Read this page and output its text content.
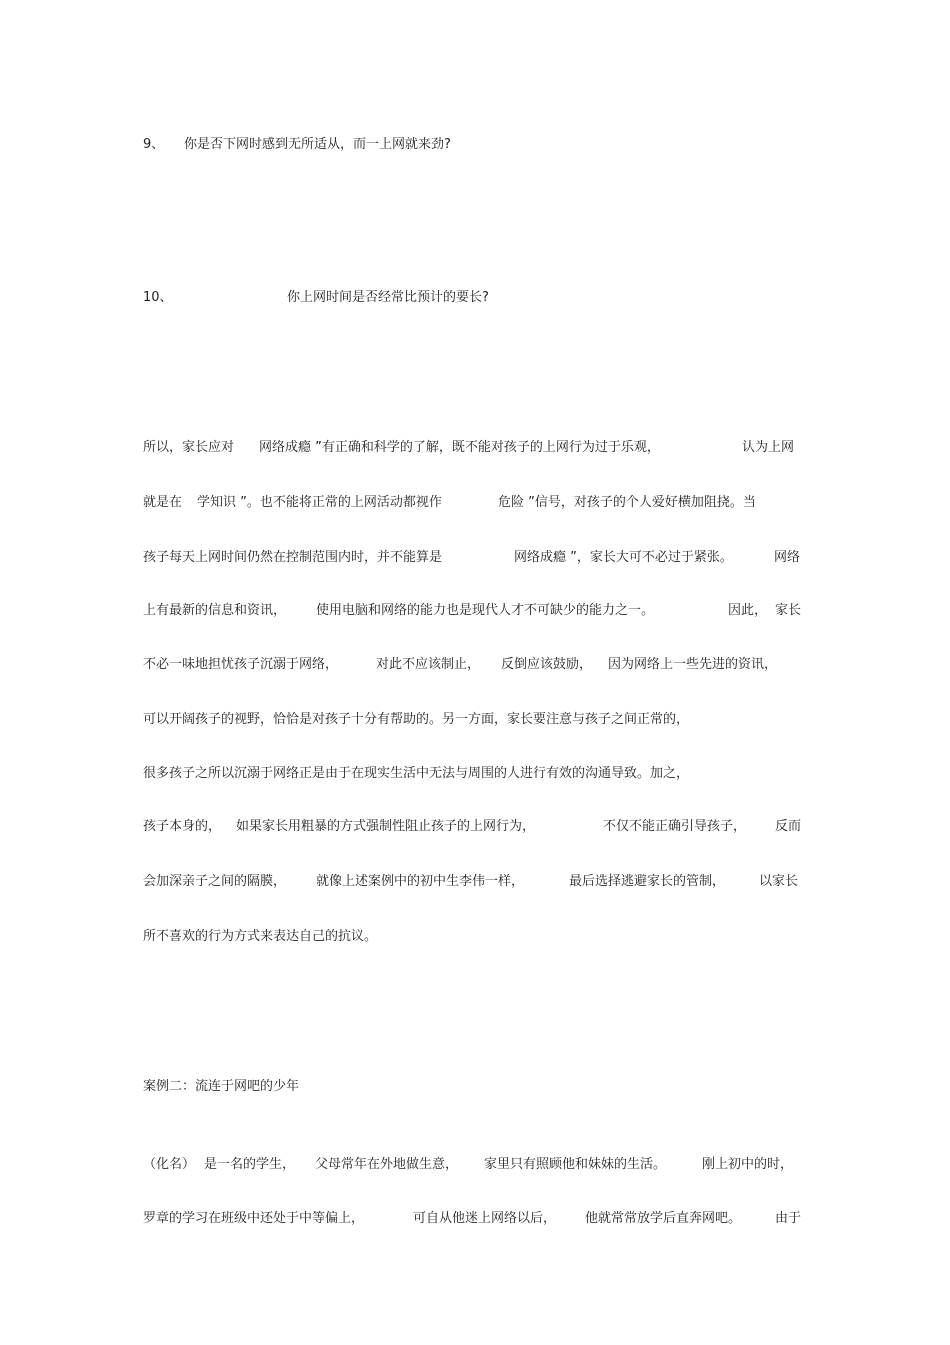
9、 你是否下网时感到无所适从，而一上网就来劲?
10、	你上网时间是否经常比预计的要长?
所以，家长应对 网络成瘾 ”有正确和科学的了解，既不能对孩子的上网行为过于乐观，	认为上网
就是在 学知识 ”。也不能将正常的上网活动都视作	危险 ”信号，对孩子的个人爱好横加阻挠。当
孩子每天上网时间仍然在控制范围内时，并不能算是	网络成瘾 ”，家长大可不必过于紧张。	网络
上有最新的信息和资讯， 使用电脑和网络的能力也是现代人才不可缺少的能力之一。	因此， 家长
不必一味地担忧孩子沉溺于网络，	对此不应该制止， 反倒应该鼓励， 因为网络上一些先进的资讯，
可以开阔孩子的视野，恰恰是对孩子十分有帮助的。另一方面，家长要注意与孩子之间正常的，
很多孩子之所以沉溺于网络正是由于在现实生活中无法与周围的人进行有效的沟通导致。加之，
孩子本身的， 如果家长用粗暴的方式强制性阻止孩子的上网行为，	不仅不能正确引导孩子， 反而
会加深亲子之间的隔膜， 就像上述案例中的初中生李伟一样，	最后选择逃避家长的管制，	以家长
所不喜欢的行为方式来表达自己的抗议。
案例二：流连于网吧的少年
（化名） 是一名的学生， 父母常年在外地做生意， 家里只有照顾他和妹妹的生活。	刚上初中的时，
罗章的学习在班级中还处于中等偏上，	可自从他迷上网络以后， 他就常常放学后直奔网吧。	由于
